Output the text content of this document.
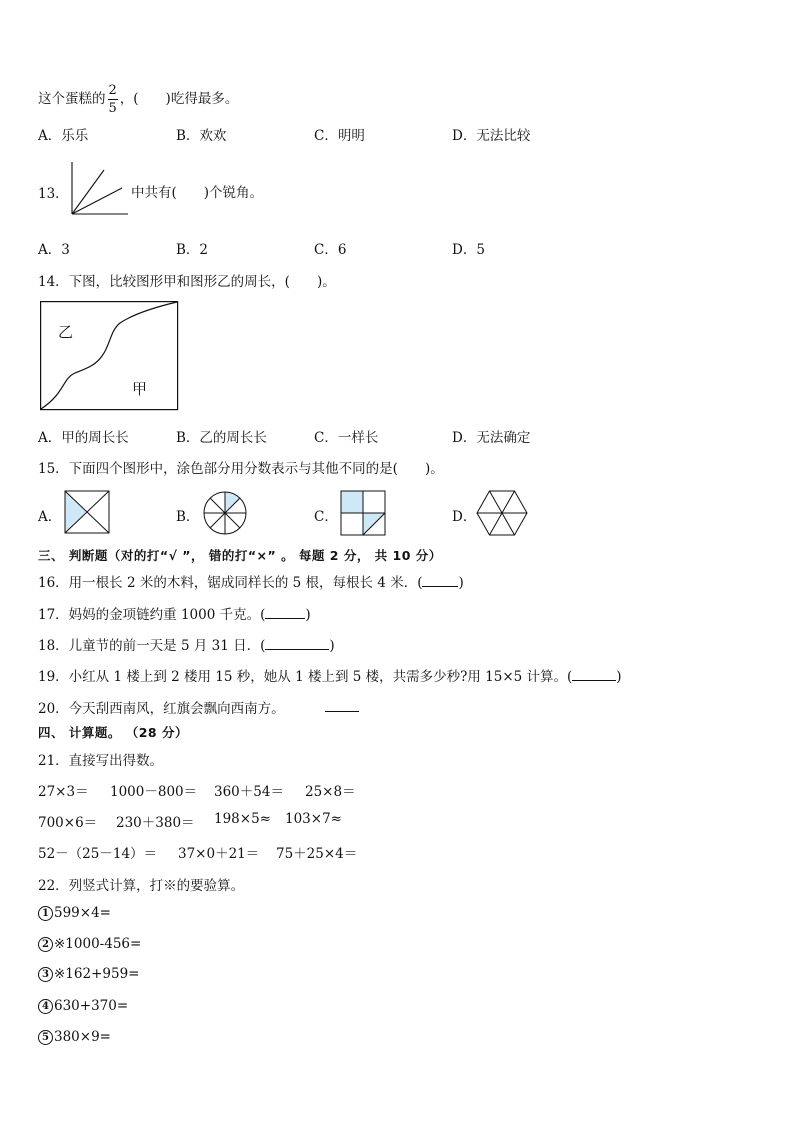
这个蛋糕的 $\frac{2}{5}$ ，(　　)吃得最多。
A．乐乐	B．欢欢	C．明明	D．无法比较
13．	中共有(　　)个锐角。
A．3	B．2	C．6	D．5
14．下图，比较图形甲和图形乙的周长，(　　)。
乙
甲
A．甲的周长长	B．乙的周长长	C．一样长	D．无法确定
15．下面四个图形中，涂色部分用分数表示与其他不同的是(　　)。
A．	B．	C．	D．
三、 判断题（对的打“√ ”， 错的打“×” 。 每题 2 分， 共 10 分）
16．用一根长 2 米的木料，锯成同样长的 5 根，每根长 4 米．(	)
17．妈妈的金项链约重 1000 千克。(	)
18．儿童节的前一天是 5 月 31 日．(	)
19．小红从 1 楼上到 2 楼用 15 秒，她从 1 楼上到 5 楼，共需多少秒?用 15×5 计算。(	)
20．今天刮西南风，红旗会飘向西南方。
四、 计算题。 （28 分）
21．直接写出得数。
27×3＝ 1000－800＝ 360＋54＝ 25×8＝
700×6＝ 230＋380＝ 198×5≈ 103×7≈
52－（25－14）＝ 37×0＋21＝ 75＋25×4＝
22．列竖式计算，打※的要验算。
1 599×4=
2 ※1000-456=
3 ※162+959=
4 630+370=
5 380×9=
